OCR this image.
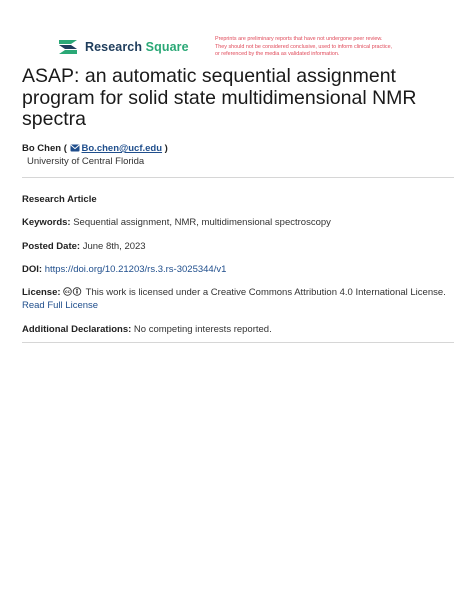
Research Square
Preprints are preliminary reports that have not undergone peer review.
They should not be considered conclusive, used to inform clinical practice,
or referenced by the media as validated information.
ASAP: an automatic sequential assignment
program for solid state multidimensional NMR
spectra
Bo Chen ( Bo.chen@ucf.edu )
University of Central Florida
Research Article
Keywords: Sequential assignment, NMR, multidimensional spectroscopy
Posted Date: June 8th, 2023
DOI: https://doi.org/10.21203/rs.3.rs-3025344/v1
License: cc This work is licensed under a Creative Commons Attribution 4.0 International License.
Read Full License
Additional Declarations: No competing interests reported.
